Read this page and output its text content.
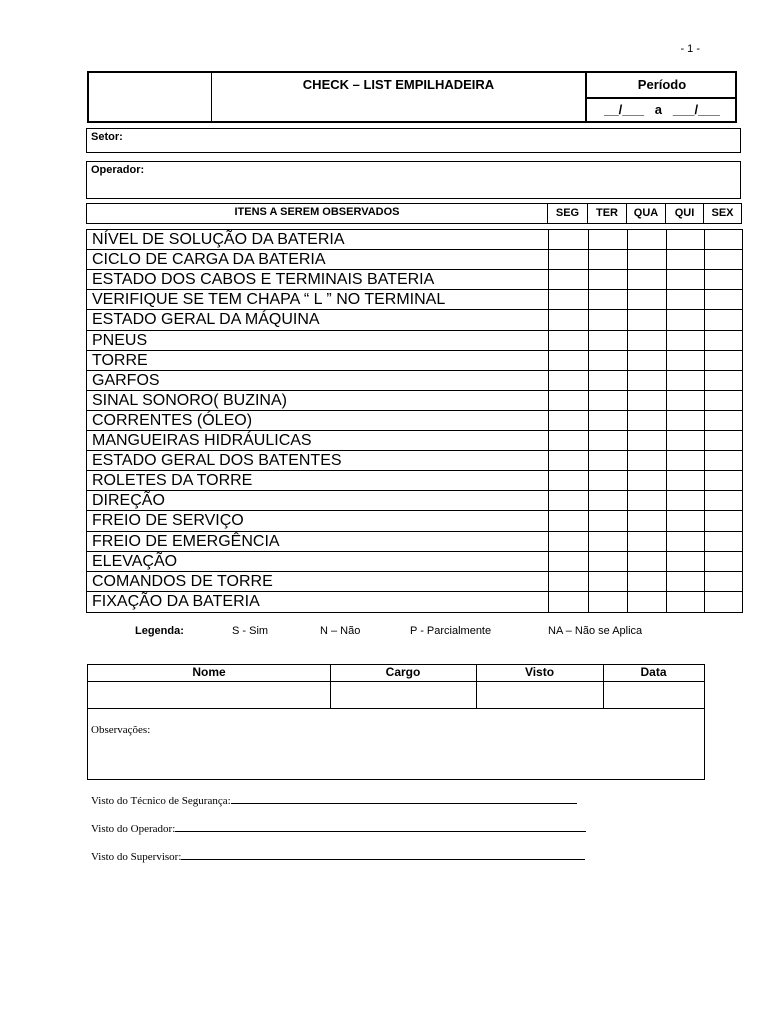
- 1 -
CHECK – LIST EMPILHADEIRA	Período
__/___   a   ___/___
Setor:
Operador:
ITENS A SEREM OBSERVADOS	SEG	TER	QUA	QUI	SEX
NÍVEL DE SOLUÇÃO DA BATERIA
CICLO DE CARGA DA BATERIA
ESTADO DOS CABOS E TERMINAIS BATERIA
VERIFIQUE SE TEM CHAPA “ L ” NO TERMINAL
ESTADO GERAL DA MÁQUINA
PNEUS
TORRE
GARFOS
SINAL SONORO( BUZINA)
CORRENTES (ÓLEO)
MANGUEIRAS HIDRÁULICAS
ESTADO GERAL DOS BATENTES
ROLETES DA TORRE
DIREÇÃO
FREIO DE SERVIÇO
FREIO DE EMERGÊNCIA
ELEVAÇÃO
COMANDOS DE TORRE
FIXAÇÃO DA BATERIA
Legenda:	S - Sim	N – Não	P - Parcialmente	NA – Não se Aplica
Nome	Cargo	Visto	Data
Observações:
Visto do Técnico de Segurança:
Visto do Operador:
Visto do Supervisor:
